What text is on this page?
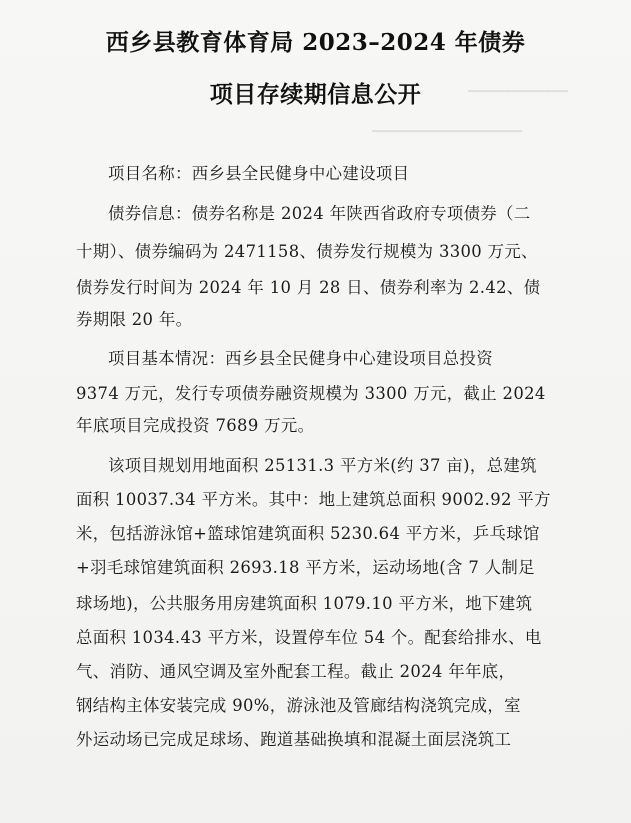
西乡县教育体育局 2023–2024 年债券
项目存续期信息公开	▁▁▁▁▁▁▁▁▁▁
▁▁▁▁▁▁▁▁▁▁▁▁▁▁▁
项目名称：西乡县全民健身中心建设项目
债券信息：债券名称是 2024 年陕西省政府专项债券（二
十期）、债券编码为 2471158、债券发行规模为 3300 万元、
债券发行时间为 2024 年 10 月 28 日、债券利率为 2.42、债
券期限 20 年。
项目基本情况：西乡县全民健身中心建设项目总投资
9374 万元，发行专项债券融资规模为 3300 万元，截止 2024
年底项目完成投资 7689 万元。
该项目规划用地面积 25131.3 平方米(约 37 亩)，总建筑
面积 10037.34 平方米。其中：地上建筑总面积 9002.92 平方
米，包括游泳馆+篮球馆建筑面积 5230.64 平方米，乒乓球馆
+羽毛球馆建筑面积 2693.18 平方米，运动场地(含 7 人制足
球场地)，公共服务用房建筑面积 1079.10 平方米，地下建筑
总面积 1034.43 平方米，设置停车位 54 个。配套给排水、电
气、消防、通风空调及室外配套工程。截止 2024 年年底，
钢结构主体安装完成 90%，游泳池及管廊结构浇筑完成，室
外运动场已完成足球场、跑道基础换填和混凝土面层浇筑工
